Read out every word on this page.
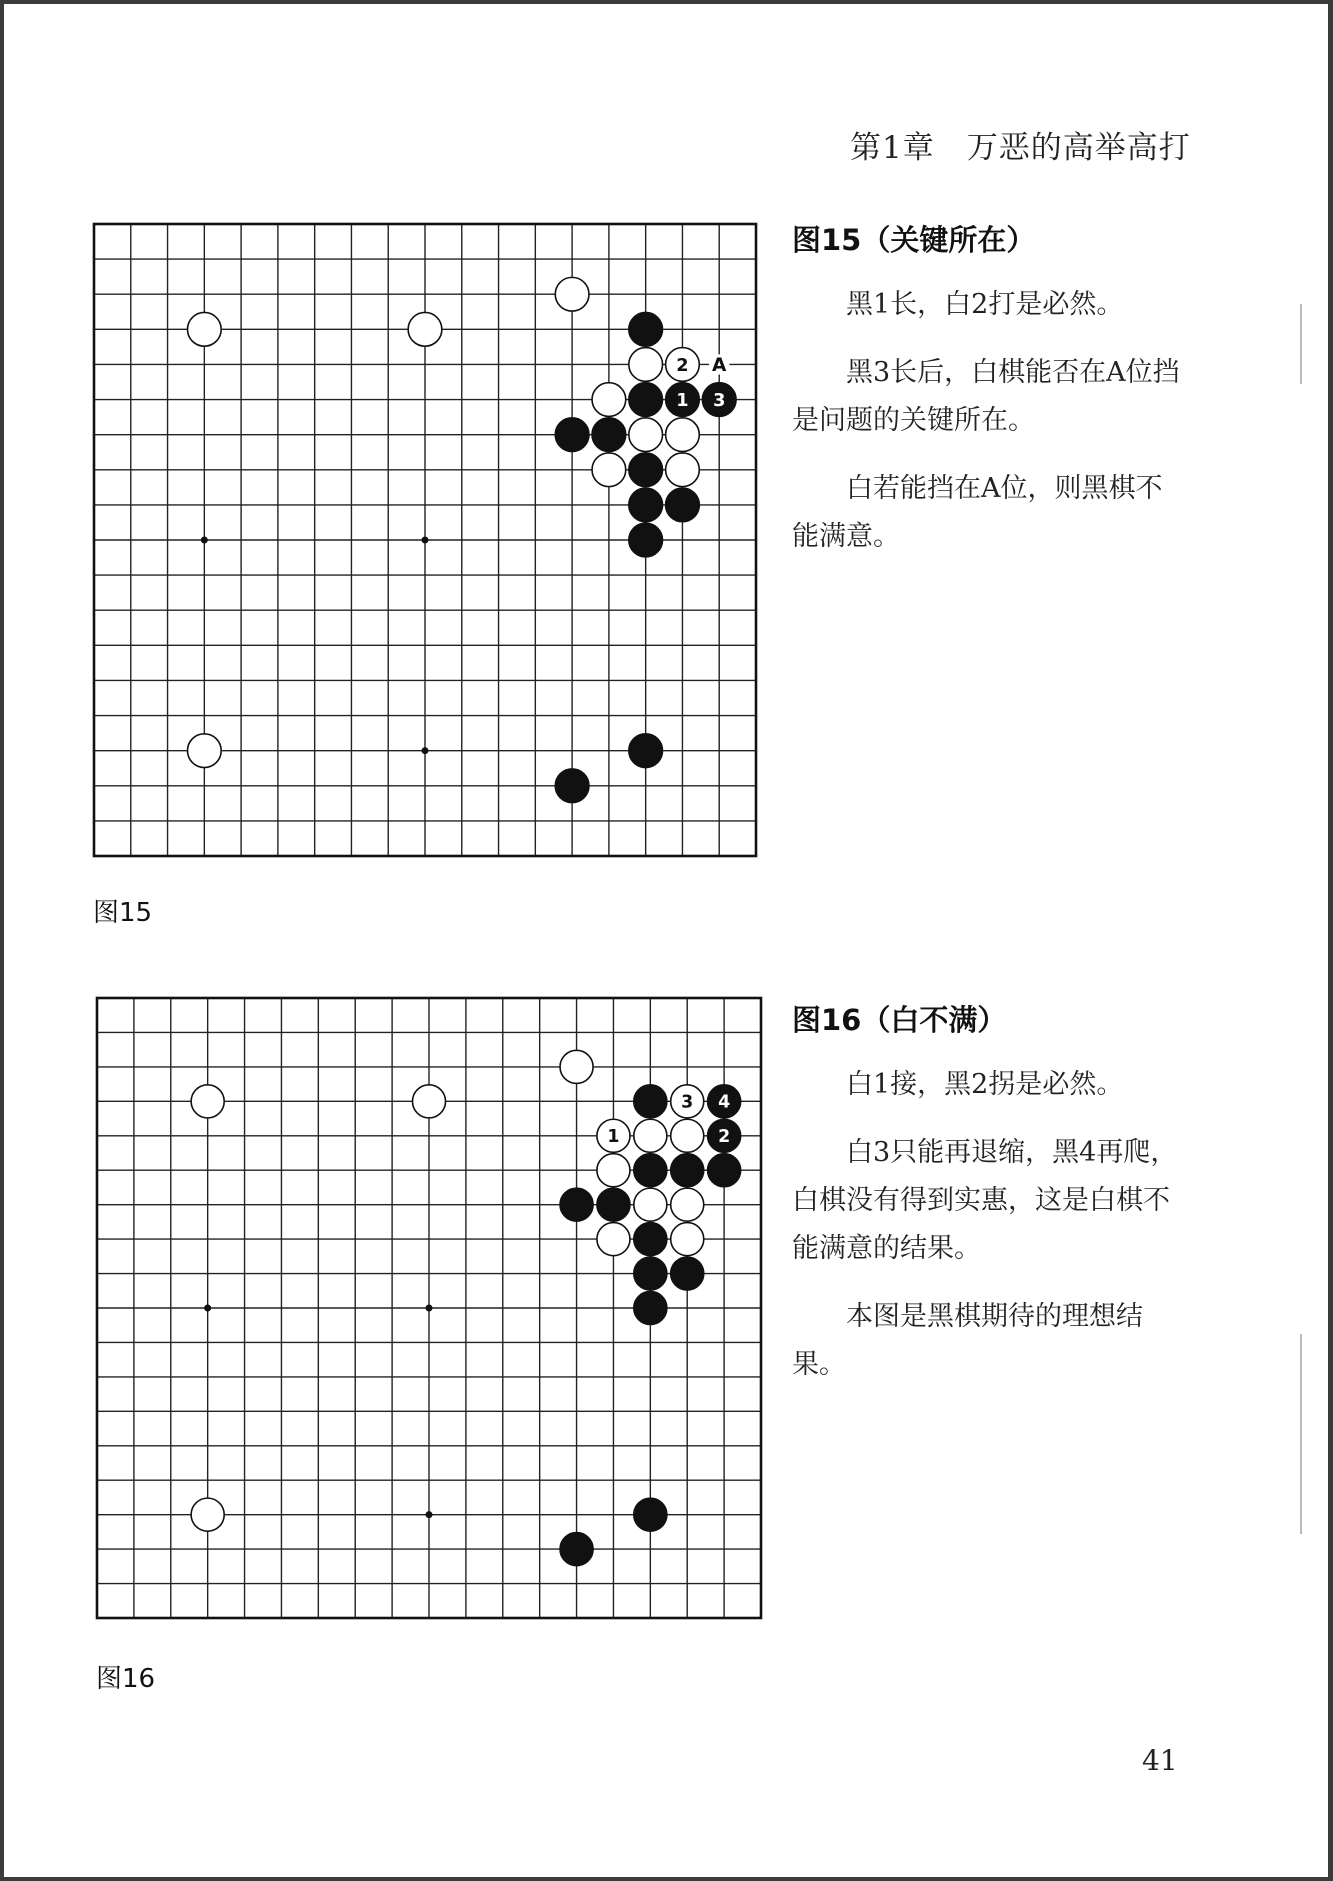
第1章　万恶的高举高打
2
1 3
A
图15
图15（关键所在）

黑1长，白2打是必然。

黑3长后，白棋能否在A位挡是问题的关键所在。

白若能挡在A位，则黑棋不能满意。

3 4
1	2
图16
图16（白不满）

白1接，黑2拐是必然。

白3只能再退缩，黑4再爬，白棋没有得到实惠，这是白棋不能满意的结果。

本图是黑棋期待的理想结果。

41
